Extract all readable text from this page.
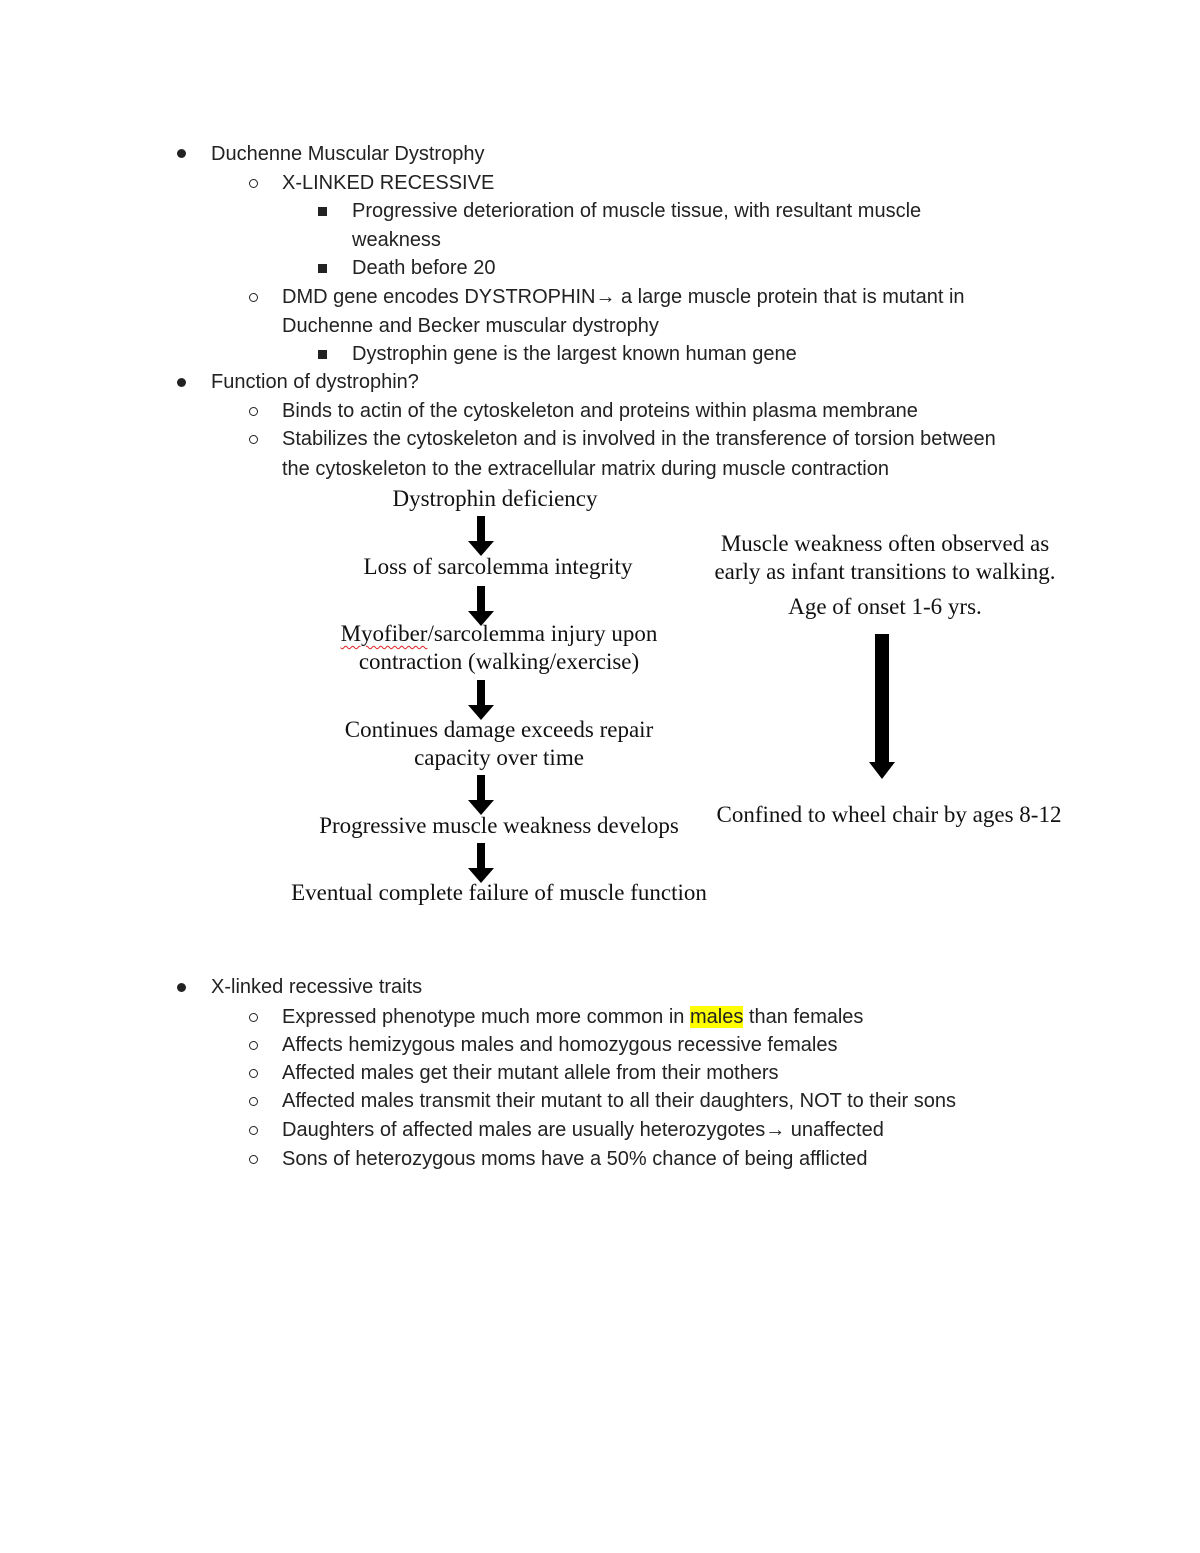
Duchenne Muscular Dystrophy
X-LINKED RECESSIVE
Progressive deterioration of muscle tissue, with resultant muscle
weakness
Death before 20
DMD gene encodes DYSTROPHIN→ a large muscle protein that is mutant in
Duchenne and Becker muscular dystrophy
Dystrophin gene is the largest known human gene
Function of dystrophin?
Binds to actin of the cytoskeleton and proteins within plasma membrane
Stabilizes the cytoskeleton and is involved in the transference of torsion between
the cytoskeleton to the extracellular matrix during muscle contraction
Dystrophin deficiency
Loss of sarcolemma integrity
Myofiber/sarcolemma injury upon
contraction (walking/exercise)
Continues damage exceeds repair
capacity over time
Progressive muscle weakness develops
Eventual complete failure of muscle function
Muscle weakness often observed as
early as infant transitions to walking.
Age of onset 1-6 yrs.
Confined to wheel chair by ages 8-12
X-linked recessive traits
Expressed phenotype much more common in males than females
Affects hemizygous males and homozygous recessive females
Affected males get their mutant allele from their mothers
Affected males transmit their mutant to all their daughters, NOT to their sons
Daughters of affected males are usually heterozygotes→ unaffected
Sons of heterozygous moms have a 50% chance of being afflicted
